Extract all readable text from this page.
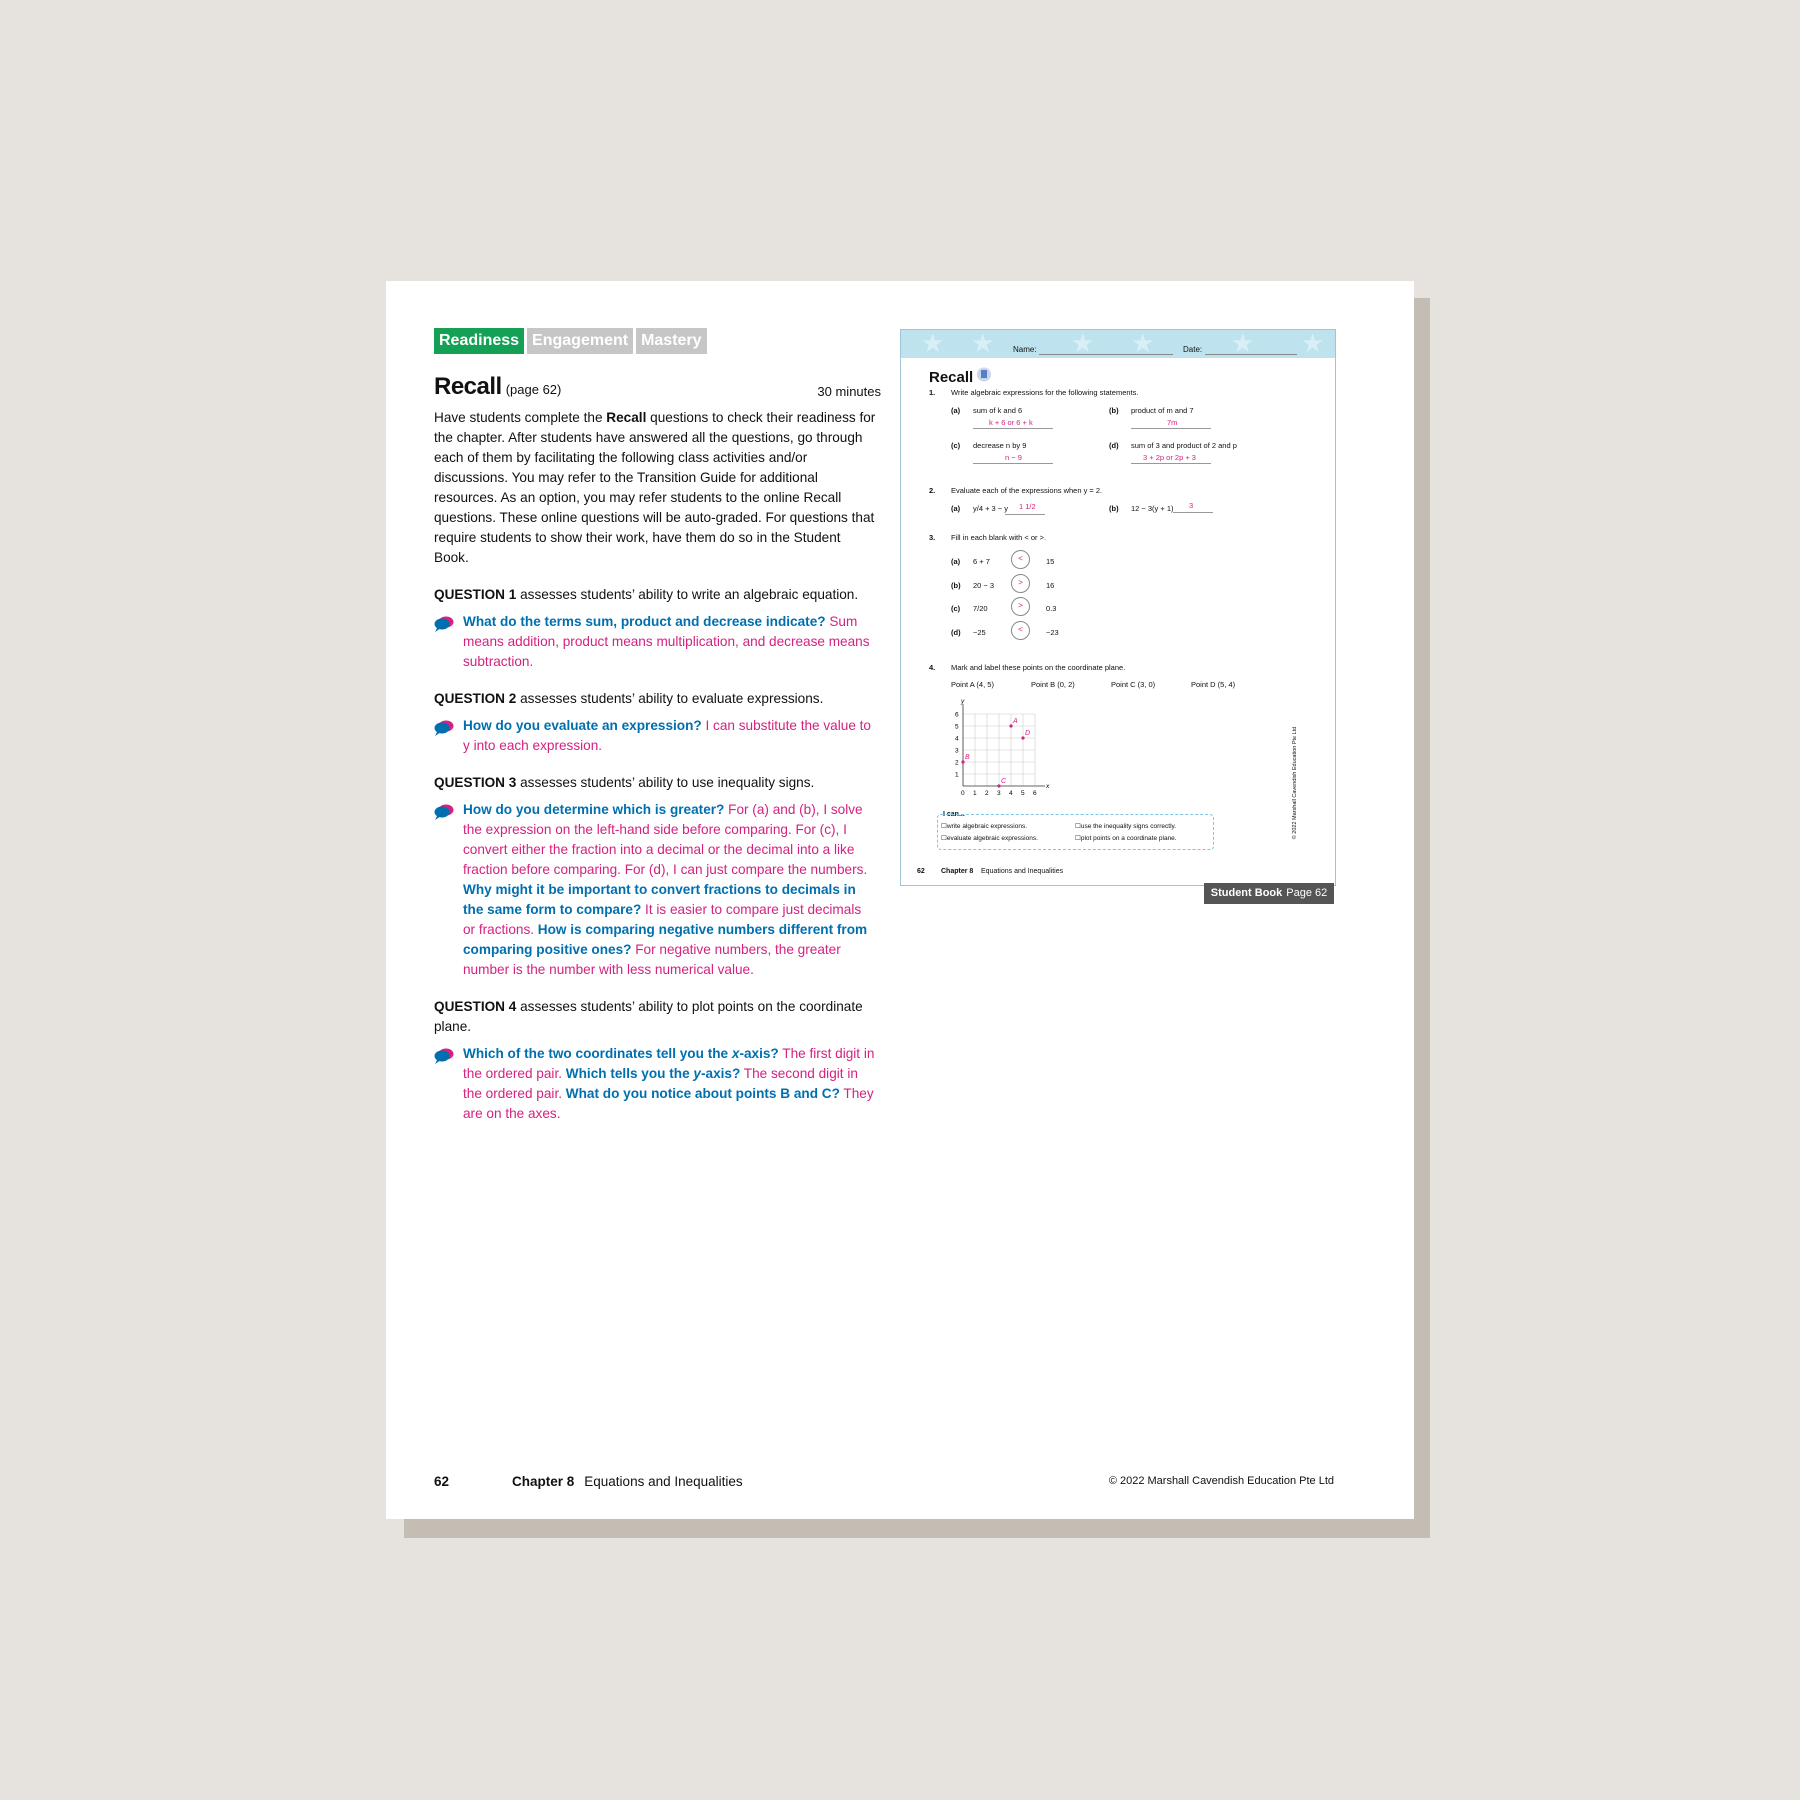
Readiness Engagement Mastery
Recall (page 62)	30 minutes

Have students complete the Recall questions to check their readiness for the chapter. After students have answered all the questions, go through each of them by facilitating the following class activities and/or discussions. You may refer to the Transition Guide for additional resources. As an option, you may refer students to the online Recall questions. These online questions will be auto-graded. For questions that require students to show their work, have them do so in the Student Book.

QUESTION 1 assesses students’ ability to write an algebraic equation.

What do the terms sum, product and decrease indicate? Sum means addition, product means multiplication, and decrease means subtraction.

QUESTION 2 assesses students’ ability to evaluate expressions.

How do you evaluate an expression? I can substitute the value to y into each expression.

QUESTION 3 assesses students’ ability to use inequality signs.

How do you determine which is greater? For (a) and (b), I solve the expression on the left-hand side before comparing. For (c), I convert either the fraction into a decimal or the decimal into a like fraction before comparing. For (d), I can just compare the numbers. Why might it be important to convert fractions to decimals in the same form to compare? It is easier to compare just decimals or fractions. How is comparing negative numbers different from comparing positive ones? For negative numbers, the greater number is the number with less numerical value.

QUESTION 4 assesses students’ ability to plot points on the coordinate plane.

Which of the two coordinates tell you the x-axis? The first digit in the ordered pair. Which tells you the y-axis? The second digit in the ordered pair. What do you notice about points B and C? They are on the axes.
★ ★	★ ★	★ ★
Name:	Date:
Recall
1. Write algebraic expressions for the following statements.
(a) sum of k and 6
k + 6 or 6 + k
(b) product of m and 7
7m
(c) decrease n by 9
n − 9
(d) sum of 3 and product of 2 and p
3 + 2p or 2p + 3
2. Evaluate each of the expressions when y = 2.
(a) y/4 + 3 − y 1 1/2	(b) 12 − 3(y + 1) 3
3. Fill in each blank with < or >.
(a) 6 + 7	<	15
(b) 20 − 3	>	16
(c) 7/20	>	0.3
(d) −25	<	−23
4. Mark and label these points on the coordinate plane.
Point A (4, 5)	Point B (0, 2)	Point C (3, 0)	Point D (5, 4)
0 1 2 3 4 5 6
1
2
3
4
5
6
x
y
A
B
C
D	© 2022 Marshall Cavendish Education Pte Ltd
I can...
☐write algebraic expressions.	☐use the inequality signs correctly.
☐evaluate algebraic expressions.	☐plot points on a coordinate plane.
62 Chapter 8 Equations and Inequalities
Student Book Page 62
62	Chapter 8 Equations and Inequalities	© 2022 Marshall Cavendish Education Pte Ltd
